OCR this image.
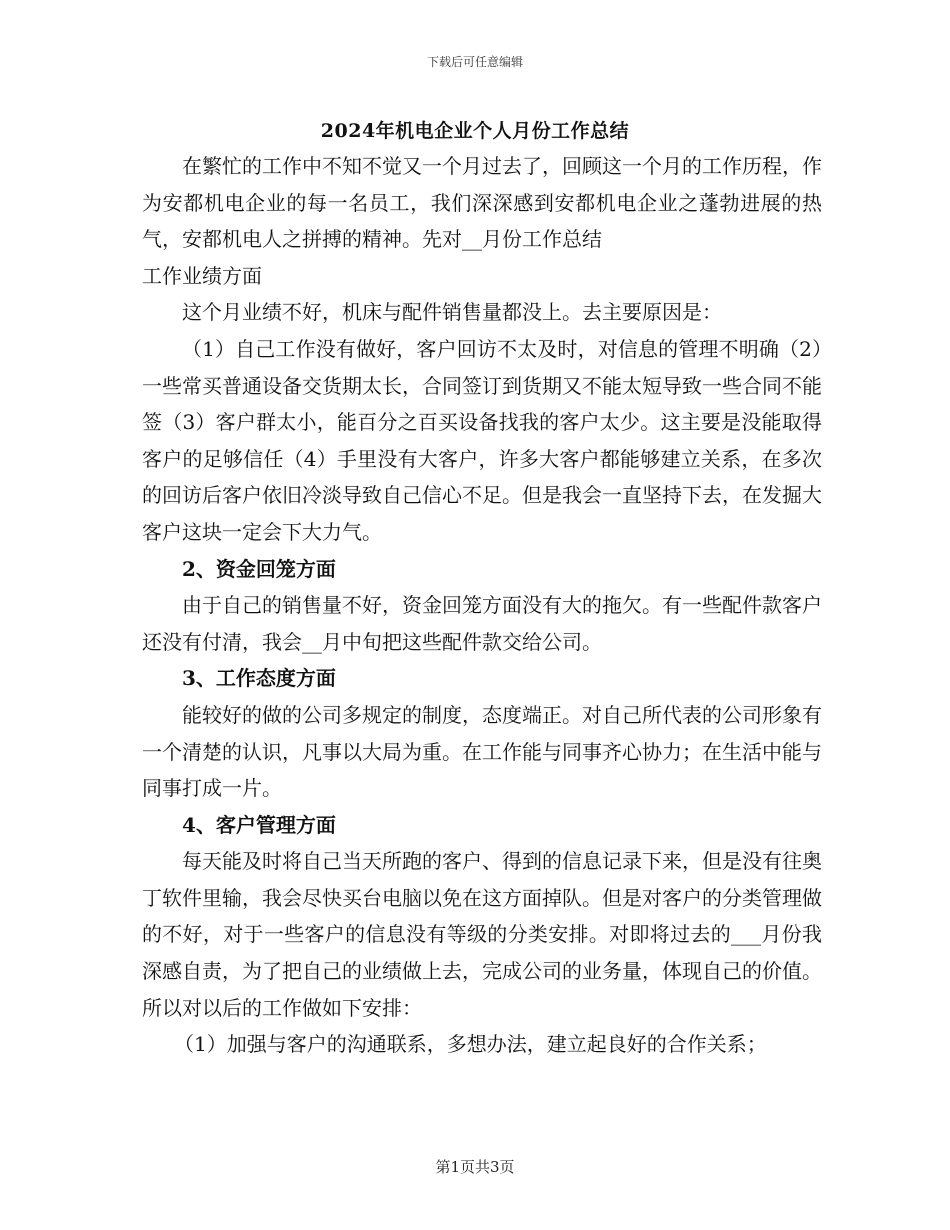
下载后可任意编辑
2024年机电企业个人月份工作总结

在繁忙的工作中不知不觉又一个月过去了，回顾这一个月的工作历程，作为安都机电企业的每一名员工，我们深深感到安都机电企业之蓬勃进展的热气，安都机电人之拼搏的精神。先对__月份工作总结

工作业绩方面

这个月业绩不好，机床与配件销售量都没上。去主要原因是：

（1）自己工作没有做好，客户回访不太及时，对信息的管理不明确（2）一些常买普通设备交货期太长，合同签订到货期又不能太短导致一些合同不能签（3）客户群太小，能百分之百买设备找我的客户太少。这主要是没能取得客户的足够信任（4）手里没有大客户，许多大客户都能够建立关系，在多次的回访后客户依旧冷淡导致自己信心不足。但是我会一直坚持下去，在发掘大客户这块一定会下大力气。

2、资金回笼方面

由于自己的销售量不好，资金回笼方面没有大的拖欠。有一些配件款客户还没有付清，我会__月中旬把这些配件款交给公司。

3、工作态度方面

能较好的做的公司多规定的制度，态度端正。对自己所代表的公司形象有一个清楚的认识，凡事以大局为重。在工作能与同事齐心协力；在生活中能与同事打成一片。

4、客户管理方面

每天能及时将自己当天所跑的客户、得到的信息记录下来，但是没有往奥丁软件里输，我会尽快买台电脑以免在这方面掉队。但是对客户的分类管理做的不好，对于一些客户的信息没有等级的分类安排。对即将过去的___月份我深感自责，为了把自己的业绩做上去，完成公司的业务量，体现自己的价值。所以对以后的工作做如下安排：

（1）加强与客户的沟通联系，多想办法，建立起良好的合作关系；

第1页共3页
